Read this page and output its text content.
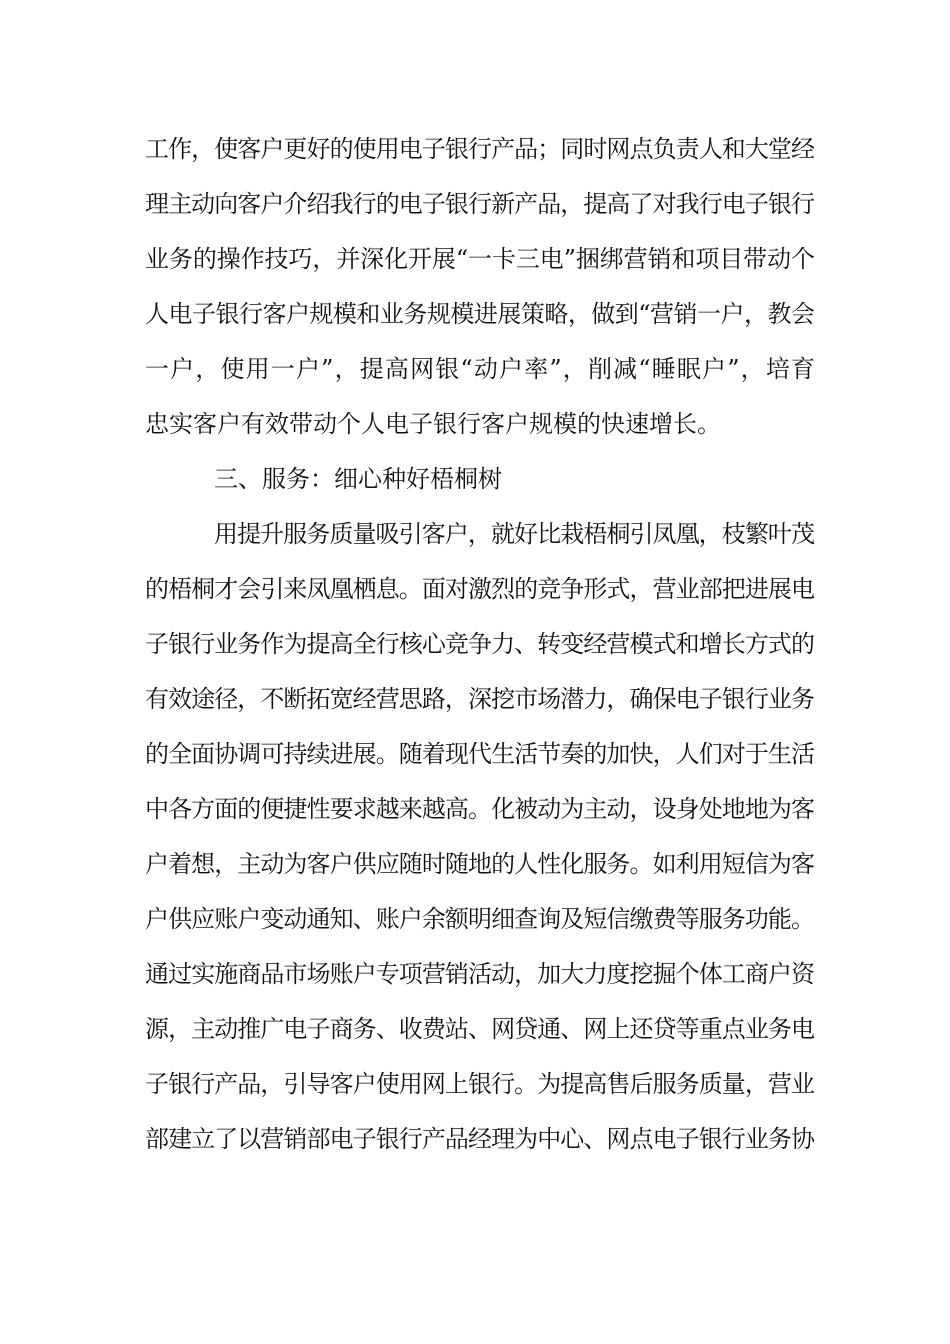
工作，使客户更好的使用电子银行产品；同时网点负责人和大堂经
理主动向客户介绍我行的电子银行新产品，提高了对我行电子银行
业务的操作技巧，并深化开展“一卡三电”捆绑营销和项目带动个
人电子银行客户规模和业务规模进展策略，做到“营销一户，教会
一户，使用一户”，提高网银“动户率”，削减“睡眠户”，培育
忠实客户有效带动个人电子银行客户规模的快速增长。
三、服务：细心种好梧桐树
用提升服务质量吸引客户，就好比栽梧桐引凤凰，枝繁叶茂
的梧桐才会引来凤凰栖息。面对激烈的竞争形式，营业部把进展电
子银行业务作为提高全行核心竞争力、转变经营模式和增长方式的
有效途径，不断拓宽经营思路，深挖市场潜力，确保电子银行业务
的全面协调可持续进展。随着现代生活节奏的加快，人们对于生活
中各方面的便捷性要求越来越高。化被动为主动，设身处地地为客
户着想，主动为客户供应随时随地的人性化服务。如利用短信为客
户供应账户变动通知、账户余额明细查询及短信缴费等服务功能。
通过实施商品市场账户专项营销活动，加大力度挖掘个体工商户资
源，主动推广电子商务、收费站、网贷通、网上还贷等重点业务电
子银行产品，引导客户使用网上银行。为提高售后服务质量，营业
部建立了以营销部电子银行产品经理为中心、网点电子银行业务协
